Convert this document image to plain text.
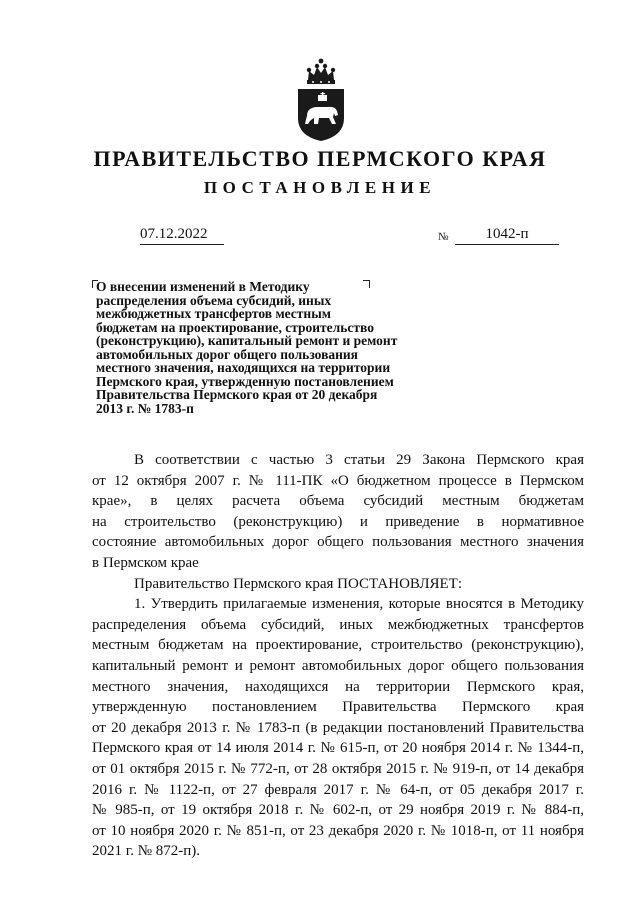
ПРАВИТЕЛЬСТВО ПЕРМСКОГО КРАЯ
ПОСТАНОВЛЕНИЕ
07.12.2022	№	1042-п

О внесении изменений в Методику
распределения объема субсидий, иных
межбюджетных трансфертов местным
бюджетам на проектирование, строительство
(реконструкцию), капитальный ремонт и ремонт
автомобильных дорог общего пользования
местного значения, находящихся на территории
Пермского края, утвержденную постановлением
Правительства Пермского края от 20 декабря
2013 г. № 1783-п

В соответствии с частью 3 статьи 29 Закона Пермского края
от 12 октября 2007 г. № 111-ПК «О бюджетном процессе в Пермском
крае», в целях расчета объема субсидий местным бюджетам
на строительство (реконструкцию) и приведение в нормативное
состояние автомобильных дорог общего пользования местного значения
в Пермском крае

Правительство Пермского края ПОСТАНОВЛЯЕТ:

1. Утвердить прилагаемые изменения, которые вносятся в Методику
распределения объема субсидий, иных межбюджетных трансфертов
местным бюджетам на проектирование, строительство (реконструкцию),
капитальный ремонт и ремонт автомобильных дорог общего пользования
местного значения, находящихся на территории Пермского края,
утвержденную постановлением Правительства Пермского края
от 20 декабря 2013 г. № 1783-п (в редакции постановлений Правительства
Пермского края от 14 июля 2014 г. № 615-п, от 20 ноября 2014 г. № 1344-п,
от 01 октября 2015 г. № 772-п, от 28 октября 2015 г. № 919-п, от 14 декабря
2016 г. № 1122-п, от 27 февраля 2017 г. № 64-п, от 05 декабря 2017 г.
№ 985-п, от 19 октября 2018 г. № 602-п, от 29 ноября 2019 г. № 884-п,
от 10 ноября 2020 г. № 851-п, от 23 декабря 2020 г. № 1018-п, от 11 ноября
2021 г. № 872-п).
